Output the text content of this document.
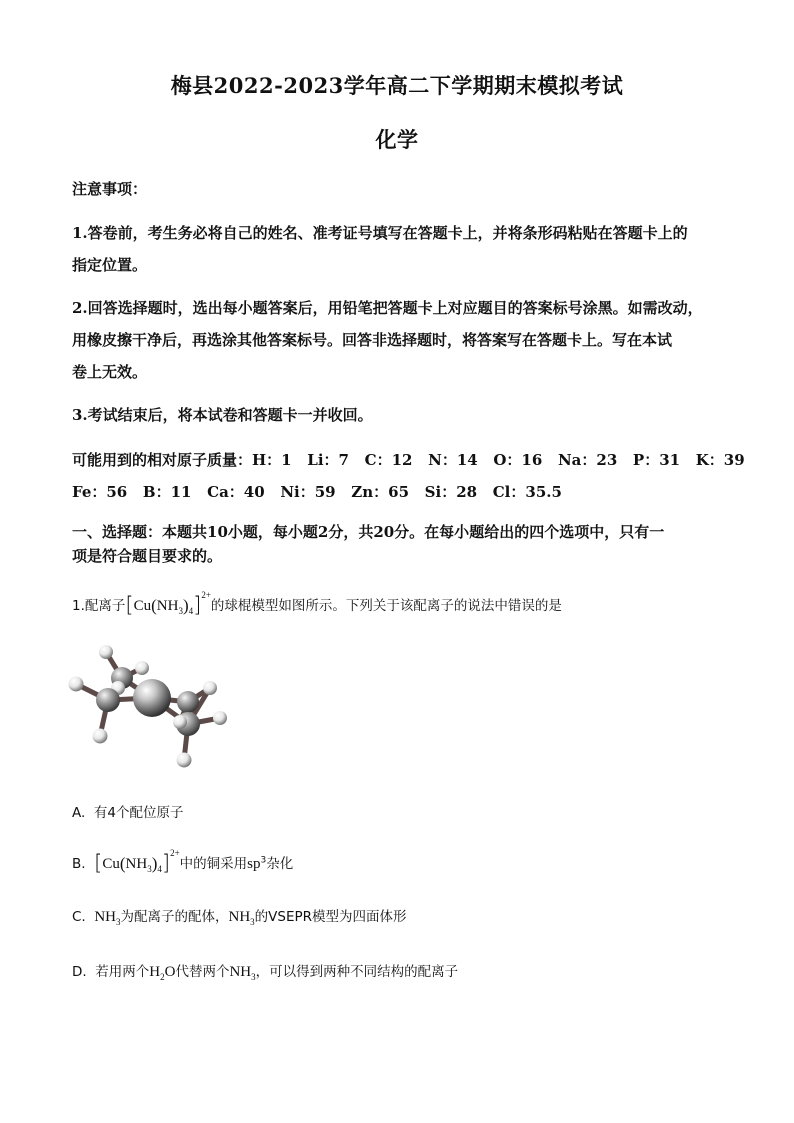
梅县2022-2023学年高二下学期期末模拟考试
化学
注意事项：
1.答卷前，考生务必将自己的姓名、准考证号填写在答题卡上，并将条形码粘贴在答题卡上的
指定位置。
2.回答选择题时，选出每小题答案后，用铅笔把答题卡上对应题目的答案标号涂黑。如需改动，
用橡皮擦干净后，再选涂其他答案标号。回答非选择题时，将答案写在答题卡上。写在本试
卷上无效。
3.考试结束后，将本试卷和答题卡一并收回。
可能用到的相对原子质量：H：1   Li：7   C：12   N：14   O：16   Na：23   P：31   K：39
Fe：56   B：11   Ca：40   Ni：59   Zn：65   Si：28   Cl：35.5
一、选择题：本题共10小题，每小题2分，共20分。在每小题给出的四个选项中，只有一
项是符合题目要求的。
1.配离子$[Cu(NH_3)_4]^{2+}$的球棍模型如图所示。下列关于该配离子的说法中错误的是
A. 有4个配位原子
B. $[Cu(NH_3)_4]^{2+}$中的铜采用$sp^3$杂化
C. $NH_3$为配离子的配体，$NH_3$的VSEPR模型为四面体形
D. 若用两个$H_2O$代替两个$NH_3$，可以得到两种不同结构的配离子
